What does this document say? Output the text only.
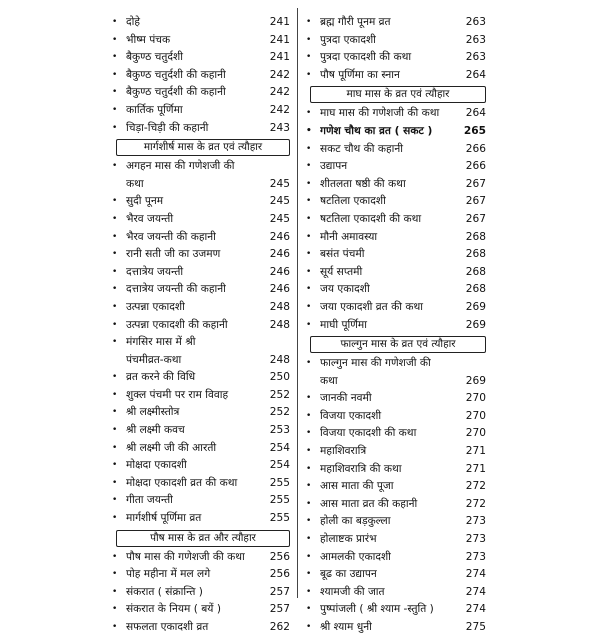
• दोहे	241
• भीष्म पंचक	241
• बैकुण्ठ चतुर्दशी	241
• बैकुण्ठ चतुर्दशी की कहानी	242
• बैकुण्ठ चतुर्दशी की कहानी	242
• कार्तिक पूर्णिमा	242
• चिड़ा-चिड़ी की कहानी	243
मार्गशीर्ष मास के व्रत एवं त्यौहार
• अगहन मास की गणेशजी की
कथा	245
• सुदी पूनम	245
• भैरव जयन्ती	245
• भैरव जयन्ती की कहानी	246
• रानी सती जी का उजमण	246
• दत्तात्रेय जयन्ती	246
• दत्तात्रेय जयन्ती की कहानी	246
• उत्पन्ना एकादशी	248
• उत्पन्ना एकादशी की कहानी	248
• मंगसिर मास में श्री
पंचमीव्रत-कथा	248
• व्रत करने की विधि	250
• शुक्ल पंचमी पर राम विवाह	252
• श्री लक्ष्मीस्तोत्र	252
• श्री लक्ष्मी कवच	253
• श्री लक्ष्मी जी की आरती	254
• मोक्षदा एकादशी	254
• मोक्षदा एकादशी व्रत की कथा	255
• गीता जयन्ती	255
• मार्गशीर्ष पूर्णिमा व्रत	255
पौष मास के व्रत और त्यौहार
• पौष मास की गणेशजी की कथा	256
• पोह महीना में मल लगे	256
• संकरात ( संक्रान्ति )	257
• संकरात के नियम ( बयें )	257
• सफलता एकादशी व्रत	262
• ब्रह्म गौरी पूनम व्रत	263
• पुत्रदा एकादशी	263
• पुत्रदा एकादशी की कथा	263
• पौष पूर्णिमा का स्नान	264
माघ मास के व्रत एवं त्यौहार
• माघ मास की गणेशजी की कथा	264
• गणेश चौथ का व्रत ( सकट )	265
• सकट चौथ की कहानी	266
• उद्यापन	266
• शीतलता षष्ठी की कथा	267
• षटतिला एकादशी	267
• षटतिला एकादशी की कथा	267
• मौनी अमावस्या	268
• बसंत पंचमी	268
• सूर्य सप्तमी	268
• जय एकादशी	268
• जया एकादशी व्रत की कथा	269
• माघी पूर्णिमा	269
फाल्गुन मास के व्रत एवं त्यौहार
• फाल्गुन मास की गणेशजी की
कथा	269
• जानकी नवमी	270
• विजया एकादशी	270
• विजया एकादशी की कथा	270
• महाशिवरात्रि	271
• महाशिवरात्रि की कथा	271
• आस माता की पूजा	272
• आस माता व्रत की कहानी	272
• होली का बड़कुल्ला	273
• होलाष्टक प्रारंभ	273
• आमलकी एकादशी	273
• बूढ का उद्यापन	274
• श्यामजी की जात	274
• पुष्पांजली ( श्री श्याम -स्तुति )	274
• श्री श्याम धुनी	275
